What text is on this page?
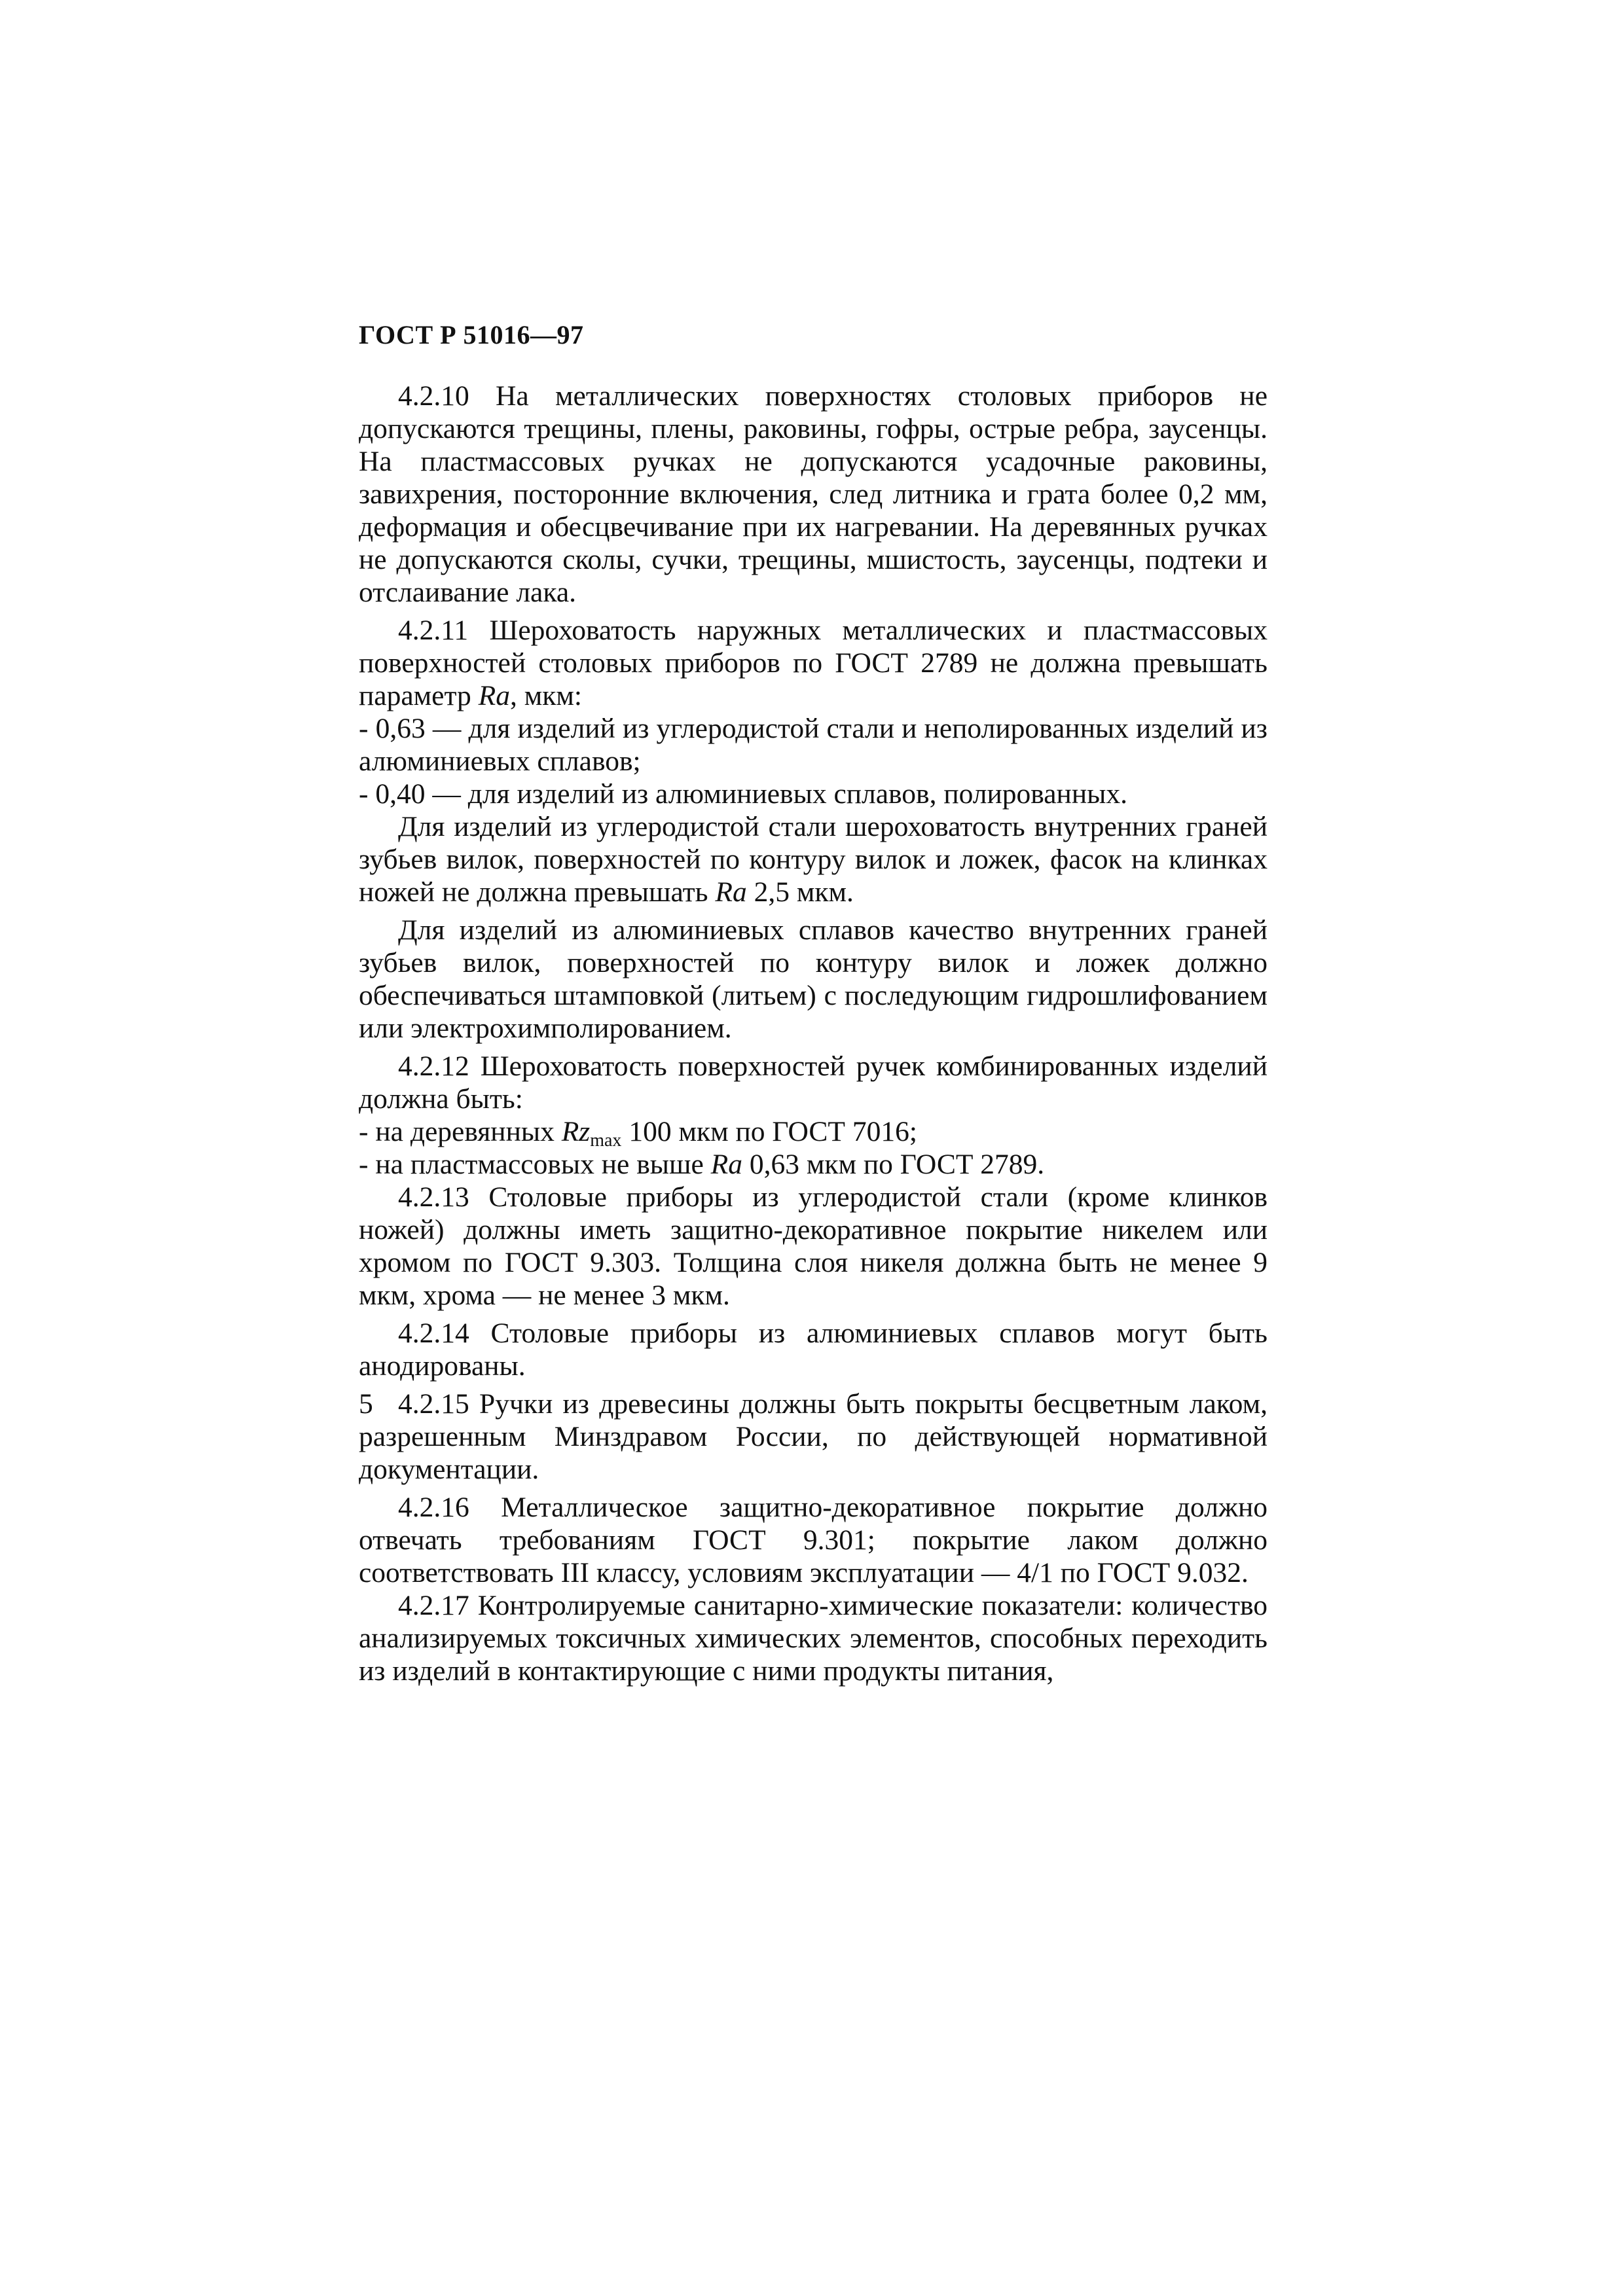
ГОСТ Р 51016—97

4.2.10 На металлических поверхностях столовых приборов не допускаются трещины, плены, раковины, гофры, острые ребра, заусенцы. На пластмассовых ручках не допускаются усадочные раковины, завихрения, посторонние включения, след литника и грата более 0,2 мм, деформация и обесцвечивание при их нагревании. На деревянных ручках не допускаются сколы, сучки, трещины, мшистость, заусенцы, подтеки и отслаивание лака.

4.2.11 Шероховатость наружных металлических и пластмассовых поверхностей столовых приборов по ГОСТ 2789 не должна превышать параметр Ra, мкм:

- 0,63 — для изделий из углеродистой стали и неполированных изделий из алюминиевых сплавов;

- 0,40 — для изделий из алюминиевых сплавов, полированных.

Для изделий из углеродистой стали шероховатость внутренних граней зубьев вилок, поверхностей по контуру вилок и ложек, фасок на клинках ножей не должна превышать Ra 2,5 мкм.

Для изделий из алюминиевых сплавов качество внутренних граней зубьев вилок, поверхностей по контуру вилок и ложек должно обеспечиваться штамповкой (литьем) с последующим гидрошлифованием или электрохимполированием.

4.2.12 Шероховатость поверхностей ручек комбинированных изделий должна быть:

- на деревянных $Rz_{max}$ 100 мкм по ГОСТ 7016;

- на пластмассовых не выше Ra 0,63 мкм по ГОСТ 2789.

4.2.13 Столовые приборы из углеродистой стали (кроме клинков ножей) должны иметь защитно-декоративное покрытие никелем или хромом по ГОСТ 9.303. Толщина слоя никеля должна быть не менее 9 мкм, хрома — не менее 3 мкм.

4.2.14 Столовые приборы из алюминиевых сплавов могут быть анодированы.

4.2.15 Ручки из древесины должны быть покрыты бесцветным лаком, разрешенным Минздравом России, по действующей нормативной документации.

4.2.16 Металлическое защитно-декоративное покрытие должно отвечать требованиям ГОСТ 9.301; покрытие лаком должно соответствовать III классу, условиям эксплуатации — 4/1 по ГОСТ 9.032.

4.2.17 Контролируемые санитарно-химические показатели: количество анализируемых токсичных химических элементов, способных переходить из изделий в контактирующие с ними продукты питания,

5
